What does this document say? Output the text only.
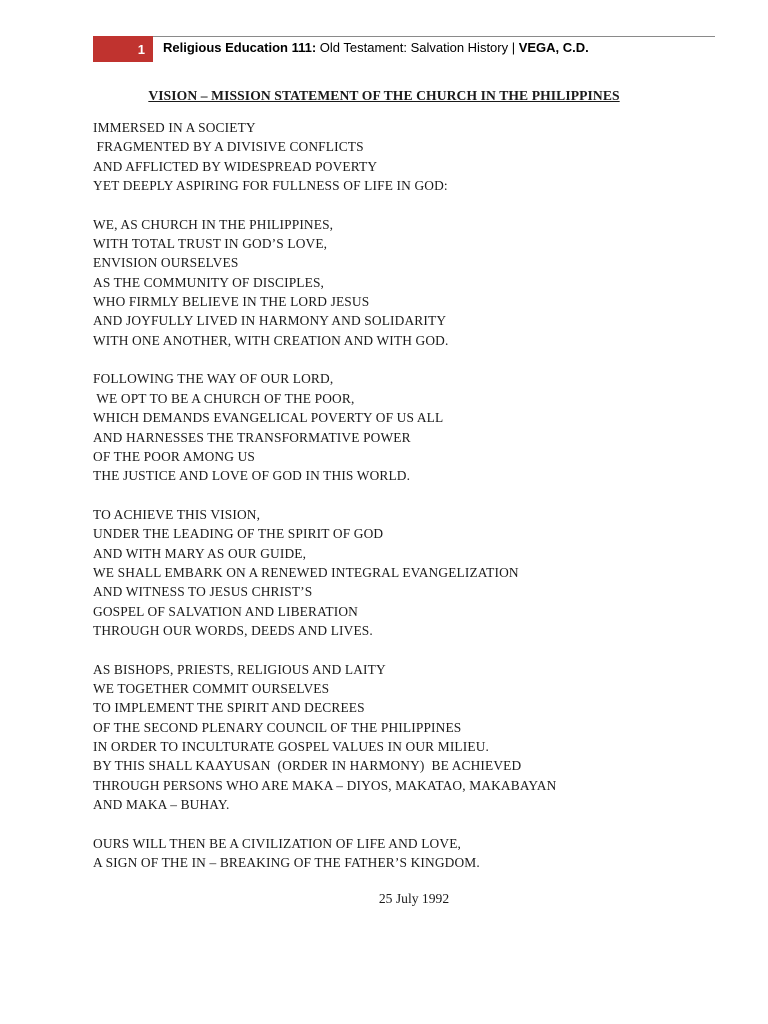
1 Religious Education 111: Old Testament: Salvation History | VEGA, C.D.
VISION – MISSION STATEMENT OF THE CHURCH IN THE PHILIPPINES
IMMERSED IN A SOCIETY
FRAGMENTED BY A DIVISIVE CONFLICTS
AND AFFLICTED BY WIDESPREAD POVERTY
YET DEEPLY ASPIRING FOR FULLNESS OF LIFE IN GOD:
WE, AS CHURCH IN THE PHILIPPINES,
WITH TOTAL TRUST IN GOD’S LOVE,
ENVISION OURSELVES
AS THE COMMUNITY OF DISCIPLES,
WHO FIRMLY BELIEVE IN THE LORD JESUS
AND JOYFULLY LIVED IN HARMONY AND SOLIDARITY
WITH ONE ANOTHER, WITH CREATION AND WITH GOD.
FOLLOWING THE WAY OF OUR LORD,
WE OPT TO BE A CHURCH OF THE POOR,
WHICH DEMANDS EVANGELICAL POVERTY OF US ALL
AND HARNESSES THE TRANSFORMATIVE POWER
OF THE POOR AMONG US
THE JUSTICE AND LOVE OF GOD IN THIS WORLD.
TO ACHIEVE THIS VISION,
UNDER THE LEADING OF THE SPIRIT OF GOD
AND WITH MARY AS OUR GUIDE,
WE SHALL EMBARK ON A RENEWED INTEGRAL EVANGELIZATION
AND WITNESS TO JESUS CHRIST’S
GOSPEL OF SALVATION AND LIBERATION
THROUGH OUR WORDS, DEEDS AND LIVES.
AS BISHOPS, PRIESTS, RELIGIOUS AND LAITY
WE TOGETHER COMMIT OURSELVES
TO IMPLEMENT THE SPIRIT AND DECREES
OF THE SECOND PLENARY COUNCIL OF THE PHILIPPINES
IN ORDER TO INCULTURATE GOSPEL VALUES IN OUR MILIEU.
BY THIS SHALL KAAYUSAN  (ORDER IN HARMONY)  BE ACHIEVED
THROUGH PERSONS WHO ARE MAKA – DIYOS, MAKATAO, MAKABAYAN
AND MAKA – BUHAY.
OURS WILL THEN BE A CIVILIZATION OF LIFE AND LOVE,
A SIGN OF THE IN – BREAKING OF THE FATHER’S KINGDOM.
25 July 1992
